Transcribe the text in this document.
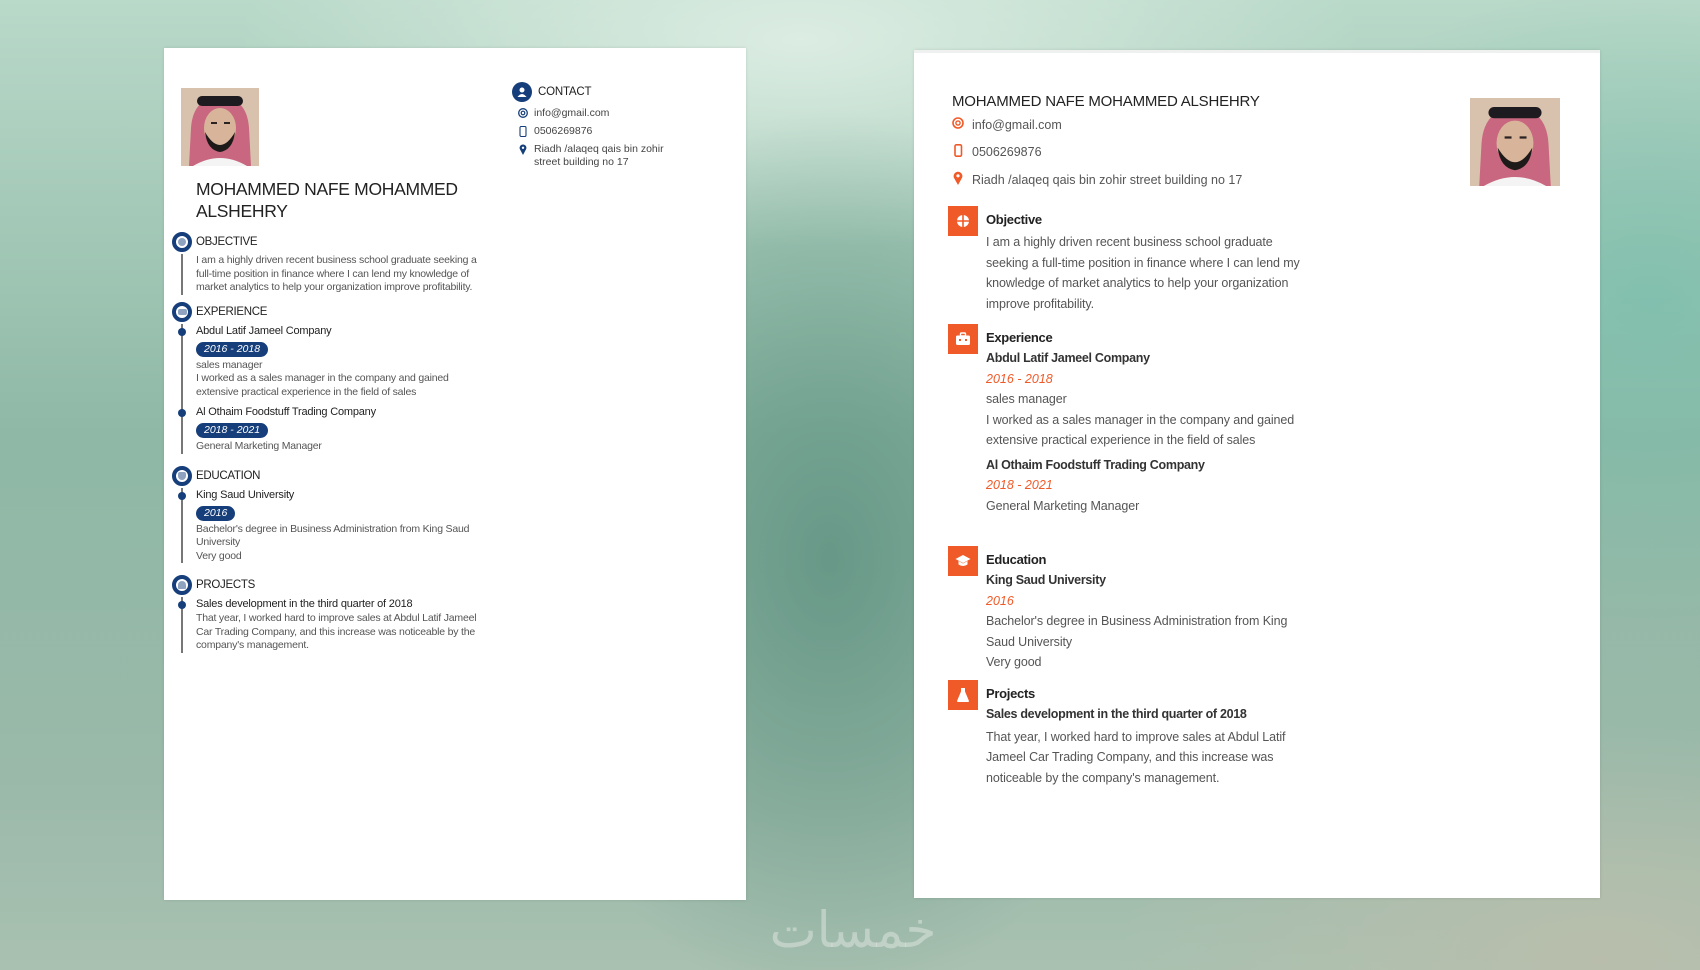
MOHAMMED NAFE MOHAMMED
ALSHEHRY
CONTACT
info@gmail.com
0506269876
Riadh /alaqeq qais bin zohir
street building no 17
OBJECTIVE
I am a highly driven recent business school graduate seeking a full-time position in finance where I can lend my knowledge of market analytics to help your organization improve profitability.
EXPERIENCE
Abdul Latif Jameel Company
2016 - 2018
sales manager
I worked as a sales manager in the company and gained extensive practical experience in the field of sales
Al Othaim Foodstuff Trading Company
2018 - 2021
General Marketing Manager
EDUCATION
King Saud University
2016
Bachelor's degree in Business Administration from King Saud University
Very good
PROJECTS
Sales development in the third quarter of 2018
That year, I worked hard to improve sales at Abdul Latif Jameel Car Trading Company, and this increase was noticeable by the company's management.
MOHAMMED NAFE MOHAMMED ALSHEHRY
info@gmail.com
0506269876
Riadh /alaqeq qais bin zohir street building no 17
Objective
I am a highly driven recent business school graduate seeking a full-time position in finance where I can lend my knowledge of market analytics to help your organization improve profitability.
Experience
Abdul Latif Jameel Company
2016 - 2018
sales manager
I worked as a sales manager in the company and gained extensive practical experience in the field of sales
Al Othaim Foodstuff Trading Company
2018 - 2021
General Marketing Manager
Education
King Saud University
2016
Bachelor's degree in Business Administration from King Saud University
Very good
Projects
Sales development in the third quarter of 2018
That year, I worked hard to improve sales at Abdul Latif Jameel Car Trading Company, and this increase was noticeable by the company's management.
خمسات
